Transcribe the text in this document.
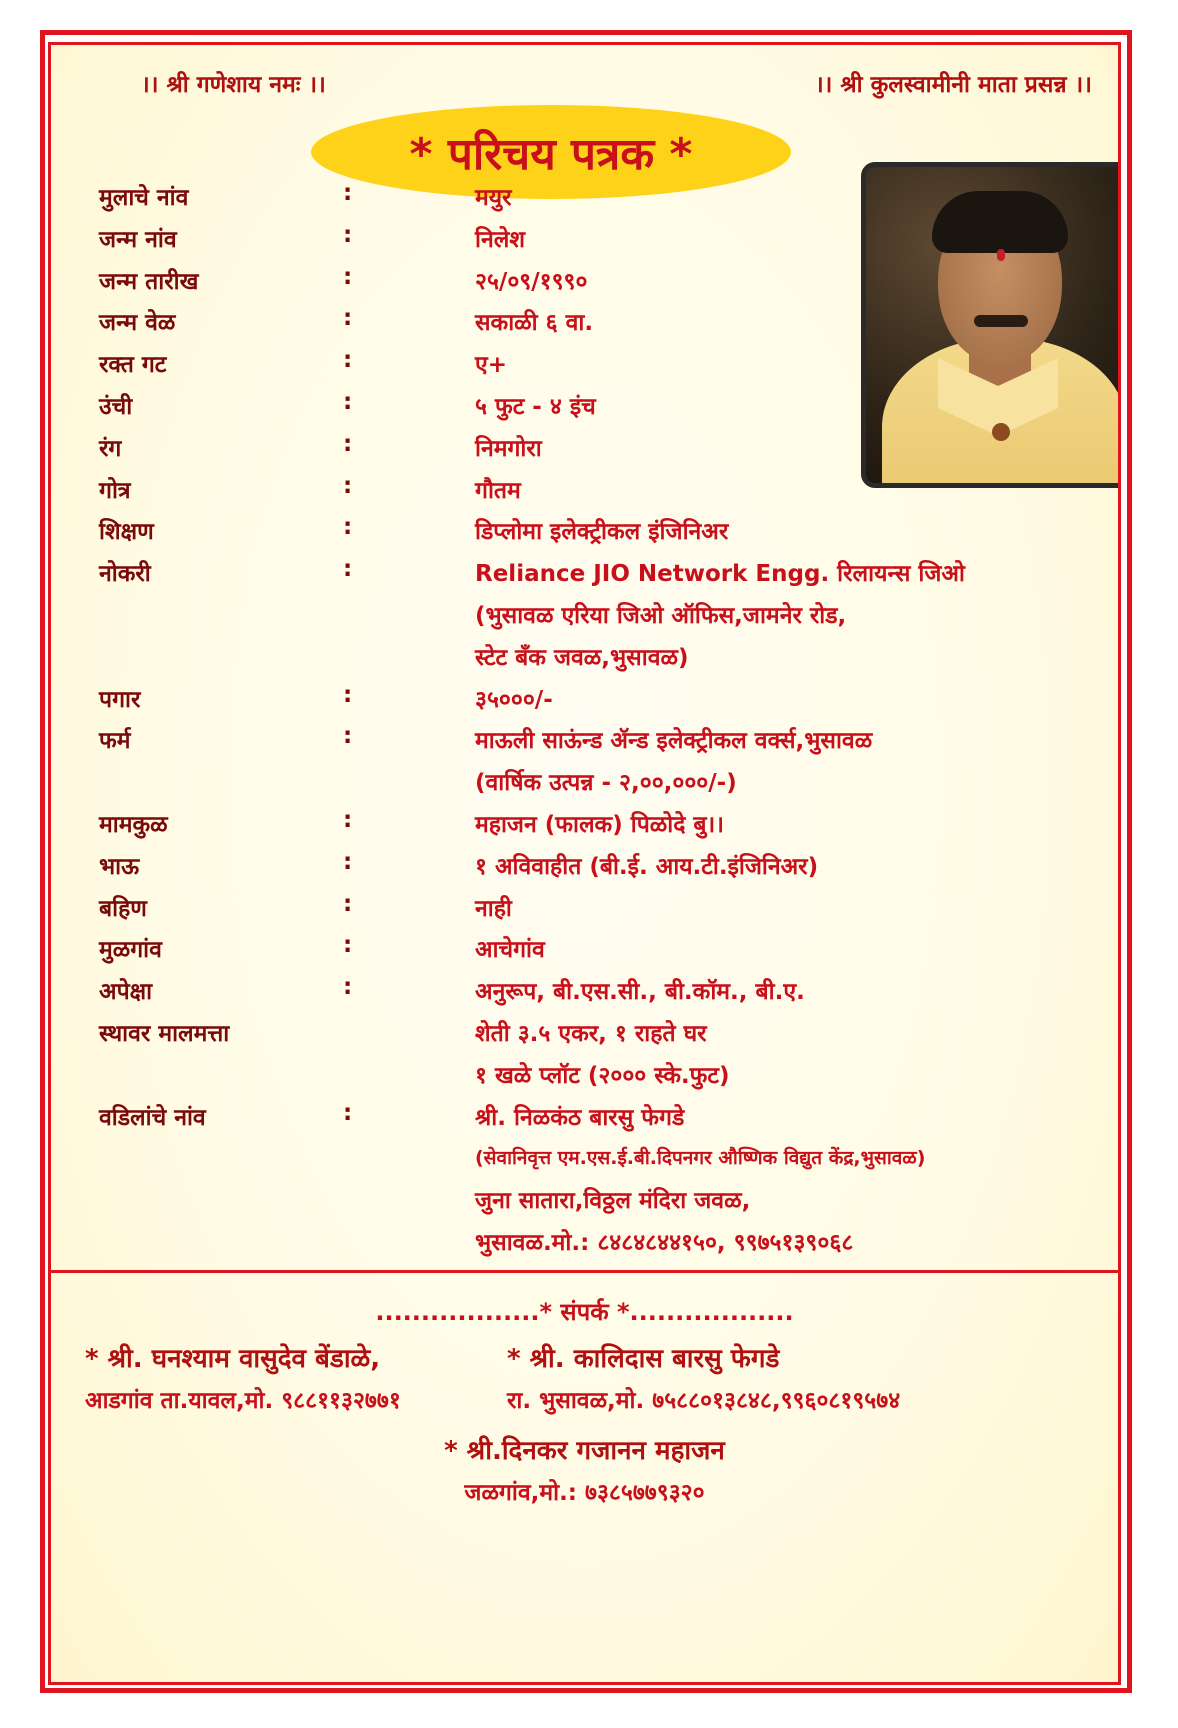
।। श्री गणेशाय नमः ।।	।। श्री कुलस्वामीनी माता प्रसन्न ।।
* परिचय पत्रक *
मुलाचे नांव	:	मयुर
जन्म नांव	:	निलेश
जन्म तारीख	:	२५/०९/१९९०
जन्म वेळ	:	सकाळी ६ वा.
रक्त गट	:	ए+
उंची	:	५ फुट - ४ इंच
रंग	:	निमगोरा
गोत्र	:	गौतम
शिक्षण	:	डिप्लोमा इलेक्ट्रीकल इंजिनिअर
नोकरी	:	Reliance JIO Network Engg. रिलायन्स जिओ
(भुसावळ एरिया जिओ ऑफिस,जामनेर रोड,
स्टेट बँक जवळ,भुसावळ)
पगार	:	३५०००/-
फर्म	:	माऊली साऊंन्ड ॲन्ड इलेक्ट्रीकल वर्क्स,भुसावळ
(वार्षिक उत्पन्न - २,००,०००/-)
मामकुळ	:	महाजन (फालक) पिळोदे बु।।
भाऊ	:	१ अविवाहीत (बी.ई. आय.टी.इंजिनिअर)
बहिण	:	नाही
मुळगांव	:	आचेगांव
अपेक्षा	:	अनुरूप, बी.एस.सी., बी.कॉम., बी.ए.
स्थावर मालमत्ता	शेती ३.५ एकर, १ राहते घर
१ खळे प्लॉट (२००० स्के.फुट)
वडिलांचे नांव	:	श्री. निळकंठ बारसु फेगडे
(सेवानिवृत्त एम.एस.ई.बी.दिपनगर औष्णिक विद्युत केंद्र,भुसावळ)
जुना सातारा,विठ्ठल मंदिरा जवळ,
भुसावळ.मो.: ८४८४८४४१५०, ९९७५१३९०६८
..................* संपर्क *..................
* श्री. घनश्याम वासुदेव बेंडाळे,
आडगांव ता.यावल,मो. ९८८११३२७७१
* श्री. कालिदास बारसु फेगडे
रा. भुसावळ,मो. ७५८८०१३८४८,९९६०८१९५७४
* श्री.दिनकर गजानन महाजन
जळगांव,मो.: ७३८५७७९३२०
